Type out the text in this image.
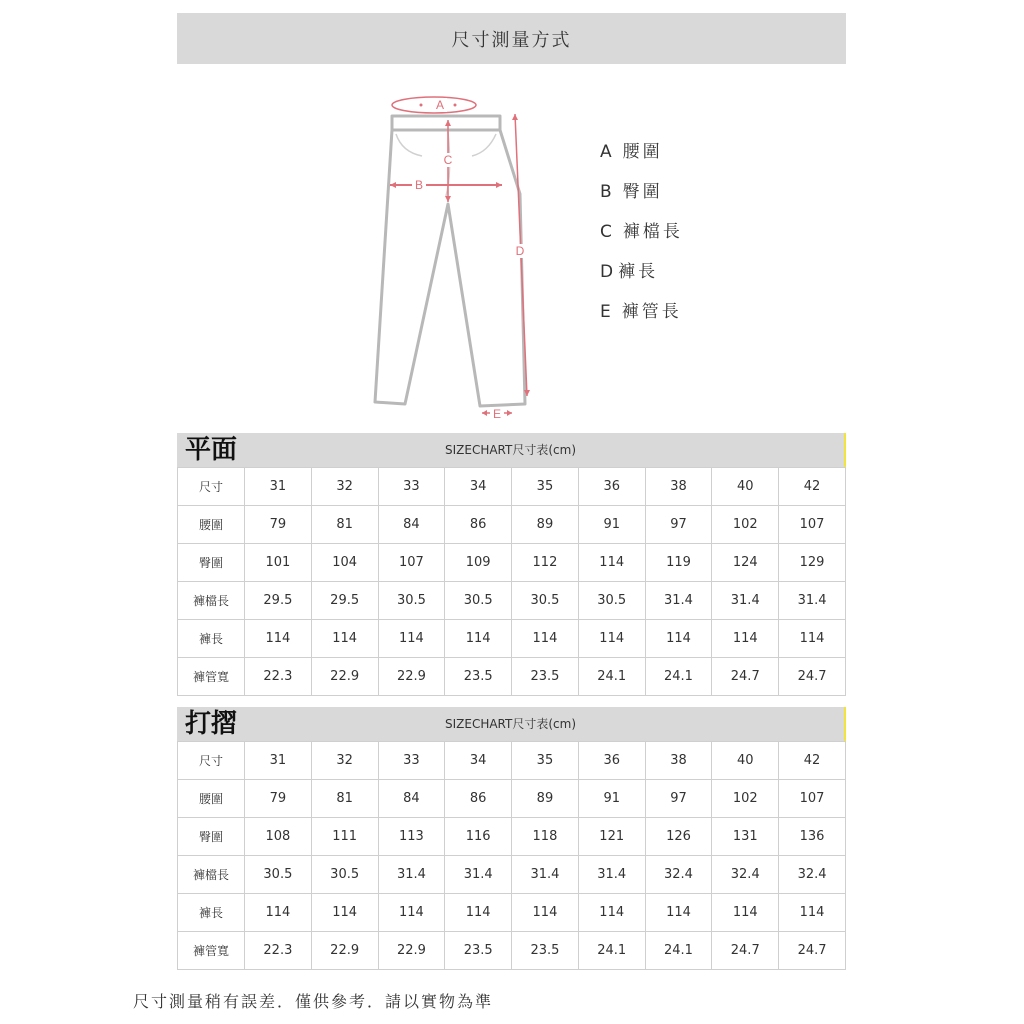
尺寸測量方式
A
B
C
D
E
A 腰圍
B 臀圍
C 褲檔長
D 褲長
E 褲管長
SIZECHART尺寸表(cm)
平面
尺寸	31	32	33	34	35	36	38	40	42
腰圍	79	81	84	86	89	91	97	102	107
臀圍	101	104	107	109	112	114	119	124	129
褲檔長	29.5	29.5	30.5	30.5	30.5	30.5	31.4	31.4	31.4
褲長	114	114	114	114	114	114	114	114	114
褲管寬	22.3	22.9	22.9	23.5	23.5	24.1	24.1	24.7	24.7
SIZECHART尺寸表(cm)
打摺
尺寸	31	32	33	34	35	36	38	40	42
腰圍	79	81	84	86	89	91	97	102	107
臀圍	108	111	113	116	118	121	126	131	136
褲檔長	30.5	30.5	31.4	31.4	31.4	31.4	32.4	32.4	32.4
褲長	114	114	114	114	114	114	114	114	114
褲管寬	22.3	22.9	22.9	23.5	23.5	24.1	24.1	24.7	24.7
尺寸測量稍有誤差．僅供參考．請以實物為準
